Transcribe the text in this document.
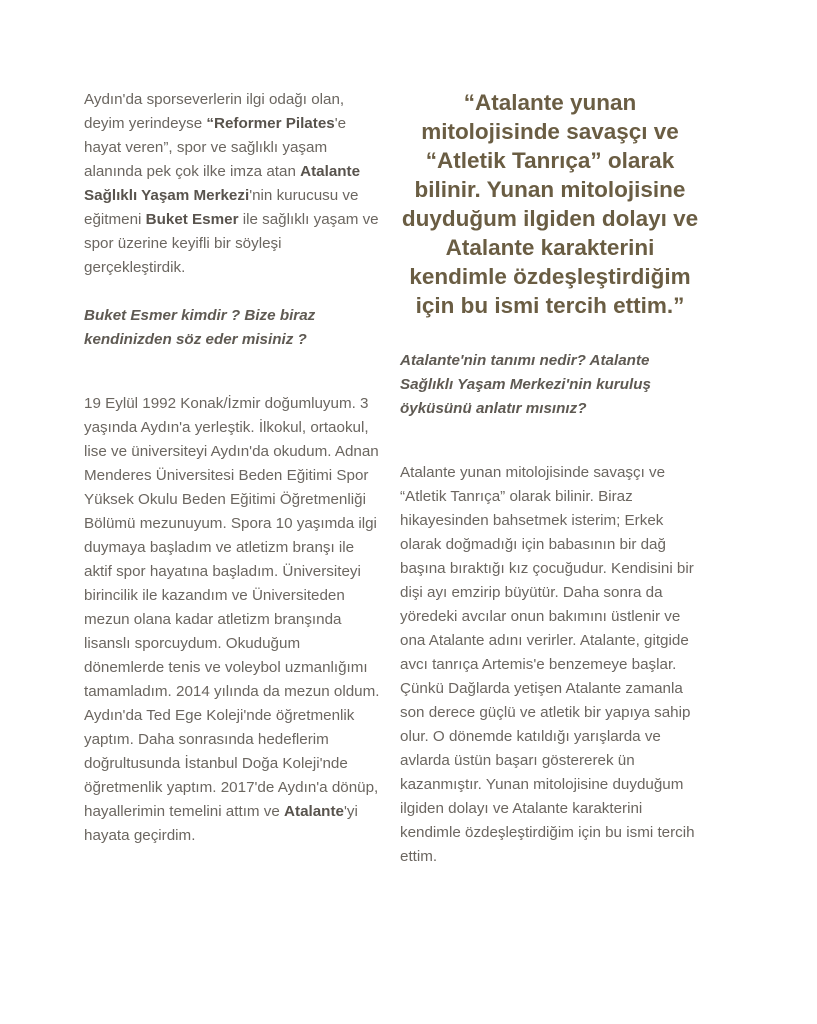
Aydın'da sporseverlerin ilgi odağı olan, deyim yerindeyse “Reformer Pilates'e hayat veren”, spor ve sağlıklı yaşam alanında pek çok ilke imza atan Atalante Sağlıklı Yaşam Merkezi'nin kurucusu ve eğitmeni Buket Esmer ile sağlıklı yaşam ve spor üzerine keyifli bir söyleşi gerçekleştirdik.

Buket Esmer kimdir ? Bize biraz kendinizden söz eder misiniz ?

19 Eylül 1992 Konak/İzmir doğumluyum. 3 yaşında Aydın'a yerleştik. İlkokul, ortaokul, lise ve üniversiteyi Aydın'da okudum. Adnan Menderes Üniversitesi Beden Eğitimi Spor Yüksek Okulu Beden Eğitimi Öğretmenliği Bölümü mezunuyum. Spora 10 yaşımda ilgi duymaya başladım ve atletizm branşı ile aktif spor hayatına başladım. Üniversiteyi birincilik ile kazandım ve Üniversiteden mezun olana kadar atletizm branşında lisanslı sporcuydum. Okuduğum dönemlerde tenis ve voleybol uzmanlığımı tamamladım. 2014 yılında da mezun oldum. Aydın'da Ted Ege Koleji'nde öğretmenlik yaptım. Daha sonrasında hedeflerim doğrultusunda İstanbul Doğa Koleji'nde öğretmenlik yaptım. 2017'de Aydın'a dönüp, hayallerimin temelini attım ve Atalante'yi hayata geçirdim.

“Atalante yunan mitolojisinde savaşçı ve “Atletik Tanrıça” olarak bilinir. Yunan mitolojisine duyduğum ilgiden dolayı ve Atalante karakterini kendimle özdeşleştirdiğim için bu ismi tercih ettim.”

Atalante'nin tanımı nedir? Atalante Sağlıklı Yaşam Merkezi'nin kuruluş öyküsünü anlatır mısınız?

Atalante yunan mitolojisinde savaşçı ve “Atletik Tanrıça” olarak bilinir. Biraz hikayesinden bahsetmek isterim; Erkek olarak doğmadığı için babasının bir dağ başına bıraktığı kız çocuğudur. Kendisini bir dişi ayı emzirip büyütür. Daha sonra da yöredeki avcılar onun bakımını üstlenir ve ona Atalante adını verirler. Atalante, gitgide avcı tanrıça Artemis'e benzemeye başlar. Çünkü Dağlarda yetişen Atalante zamanla son derece güçlü ve atletik bir yapıya sahip olur. O dönemde katıldığı yarışlarda ve avlarda üstün başarı göstererek ün kazanmıştır. Yunan mitolojisine duyduğum ilgiden dolayı ve Atalante karakterini kendimle özdeşleştirdiğim için bu ismi tercih ettim.
